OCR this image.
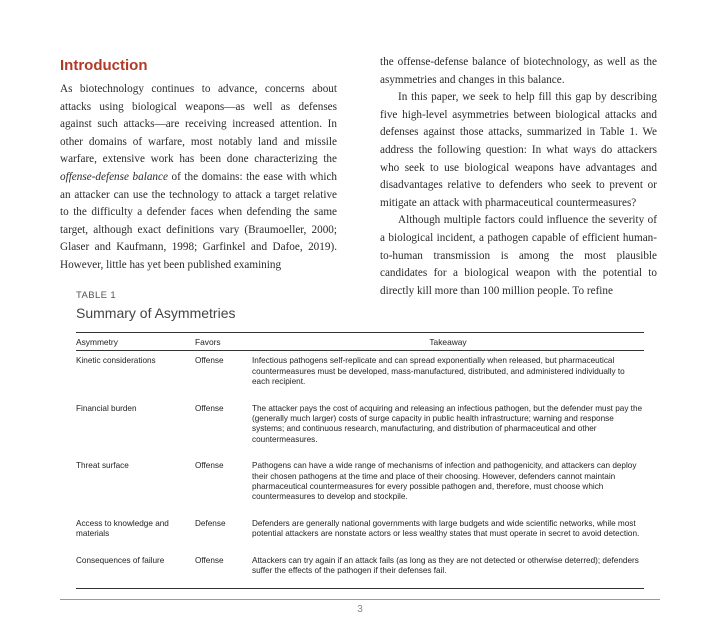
Introduction

As biotechnology continues to advance, concerns about attacks using biological weapons—as well as defenses against such attacks—are receiving increased attention. In other domains of warfare, most notably land and missile warfare, extensive work has been done characterizing the offense-defense balance of the domains: the ease with which an attacker can use the technology to attack a target relative to the difficulty a defender faces when defending the same target, although exact definitions vary (Braumoeller, 2000; Glaser and Kaufmann, 1998; Garfinkel and Dafoe, 2019). However, little has yet been published examining

the offense-defense balance of biotechnology, as well as the asymmetries and changes in this balance.

In this paper, we seek to help fill this gap by describing five high-level asymmetries between biological attacks and defenses against those attacks, summarized in Table 1. We address the following question: In what ways do attackers who seek to use biological weapons have advantages and disadvantages relative to defenders who seek to prevent or mitigate an attack with pharmaceutical countermeasures?

Although multiple factors could influence the severity of a biological incident, a pathogen capable of efficient human-to-human transmission is among the most plausible candidates for a biological weapon with the potential to directly kill more than 100 million people. To refine

TABLE 1
Summary of Asymmetries
Asymmetry	Favors	Takeaway
Kinetic considerations	Offense	Infectious pathogens self-replicate and can spread exponentially when released, but pharmaceutical countermeasures must be developed, mass-manufactured, distributed, and administered individually to each recipient.
Financial burden	Offense	The attacker pays the cost of acquiring and releasing an infectious pathogen, but the defender must pay the (generally much larger) costs of surge capacity in public health infrastructure; warning and response systems; and continuous research, manufacturing, and distribution of pharmaceutical and other countermeasures.
Threat surface	Offense	Pathogens can have a wide range of mechanisms of infection and pathogenicity, and attackers can deploy their chosen pathogens at the time and place of their choosing. However, defenders cannot maintain pharmaceutical countermeasures for every possible pathogen and, therefore, must choose which countermeasures to develop and stockpile.
Access to knowledge and materials	Defense	Defenders are generally national governments with large budgets and wide scientific networks, while most potential attackers are nonstate actors or less wealthy states that must operate in secret to avoid detection.
Consequences of failure	Offense	Attackers can try again if an attack fails (as long as they are not detected or otherwise deterred); defenders suffer the effects of the pathogen if their defenses fail.
3
